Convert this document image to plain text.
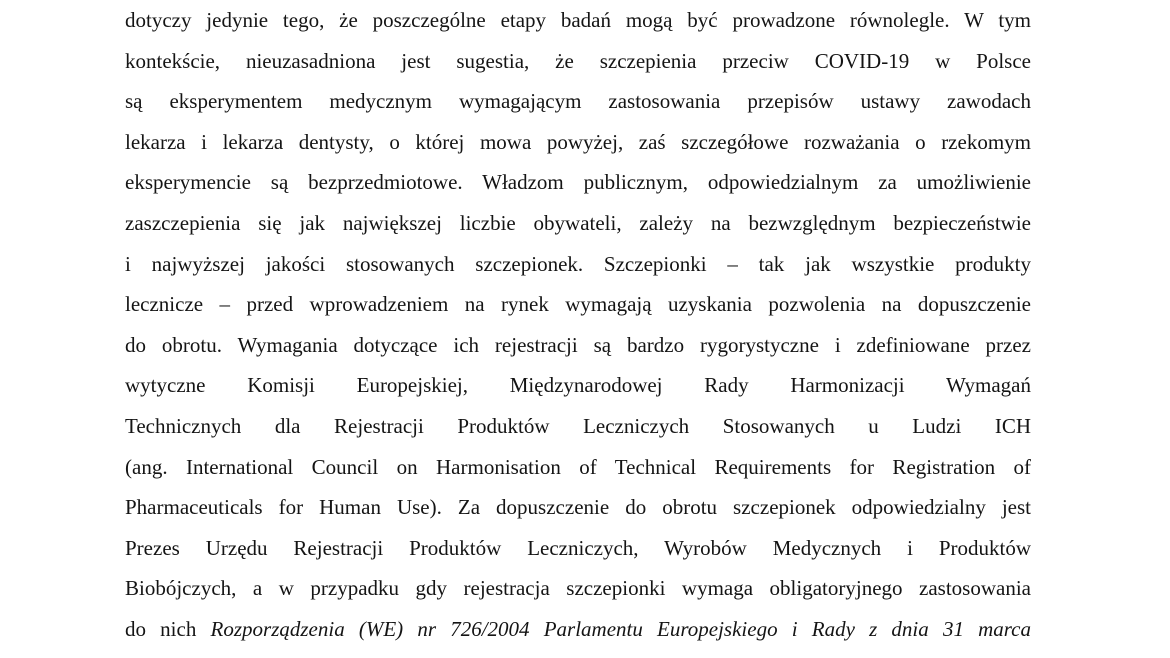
dotyczy jedynie tego, że poszczególne etapy badań mogą być prowadzone równolegle. W tym
kontekście, nieuzasadniona jest sugestia, że szczepienia przeciw COVID-19 w Polsce
są eksperymentem medycznym wymagającym zastosowania przepisów ustawy zawodach
lekarza i lekarza dentysty, o której mowa powyżej, zaś szczegółowe rozważania o rzekomym
eksperymencie są bezprzedmiotowe. Władzom publicznym, odpowiedzialnym za umożliwienie
zaszczepienia się jak największej liczbie obywateli, zależy na bezwzględnym bezpieczeństwie
i najwyższej jakości stosowanych szczepionek. Szczepionki – tak jak wszystkie produkty
lecznicze – przed wprowadzeniem na rynek wymagają uzyskania pozwolenia na dopuszczenie
do obrotu. Wymagania dotyczące ich rejestracji są bardzo rygorystyczne i zdefiniowane przez
wytyczne Komisji Europejskiej, Międzynarodowej Rady Harmonizacji Wymagań
Technicznych dla Rejestracji Produktów Leczniczych Stosowanych u Ludzi ICH
(ang. International Council on Harmonisation of Technical Requirements for Registration of
Pharmaceuticals for Human Use). Za dopuszczenie do obrotu szczepionek odpowiedzialny jest
Prezes Urzędu Rejestracji Produktów Leczniczych, Wyrobów Medycznych i Produktów
Biobójczych, a w przypadku gdy rejestracja szczepionki wymaga obligatoryjnego zastosowania
do nich Rozporządzenia (WE) nr 726/2004 Parlamentu Europejskiego i Rady z dnia 31 marca
